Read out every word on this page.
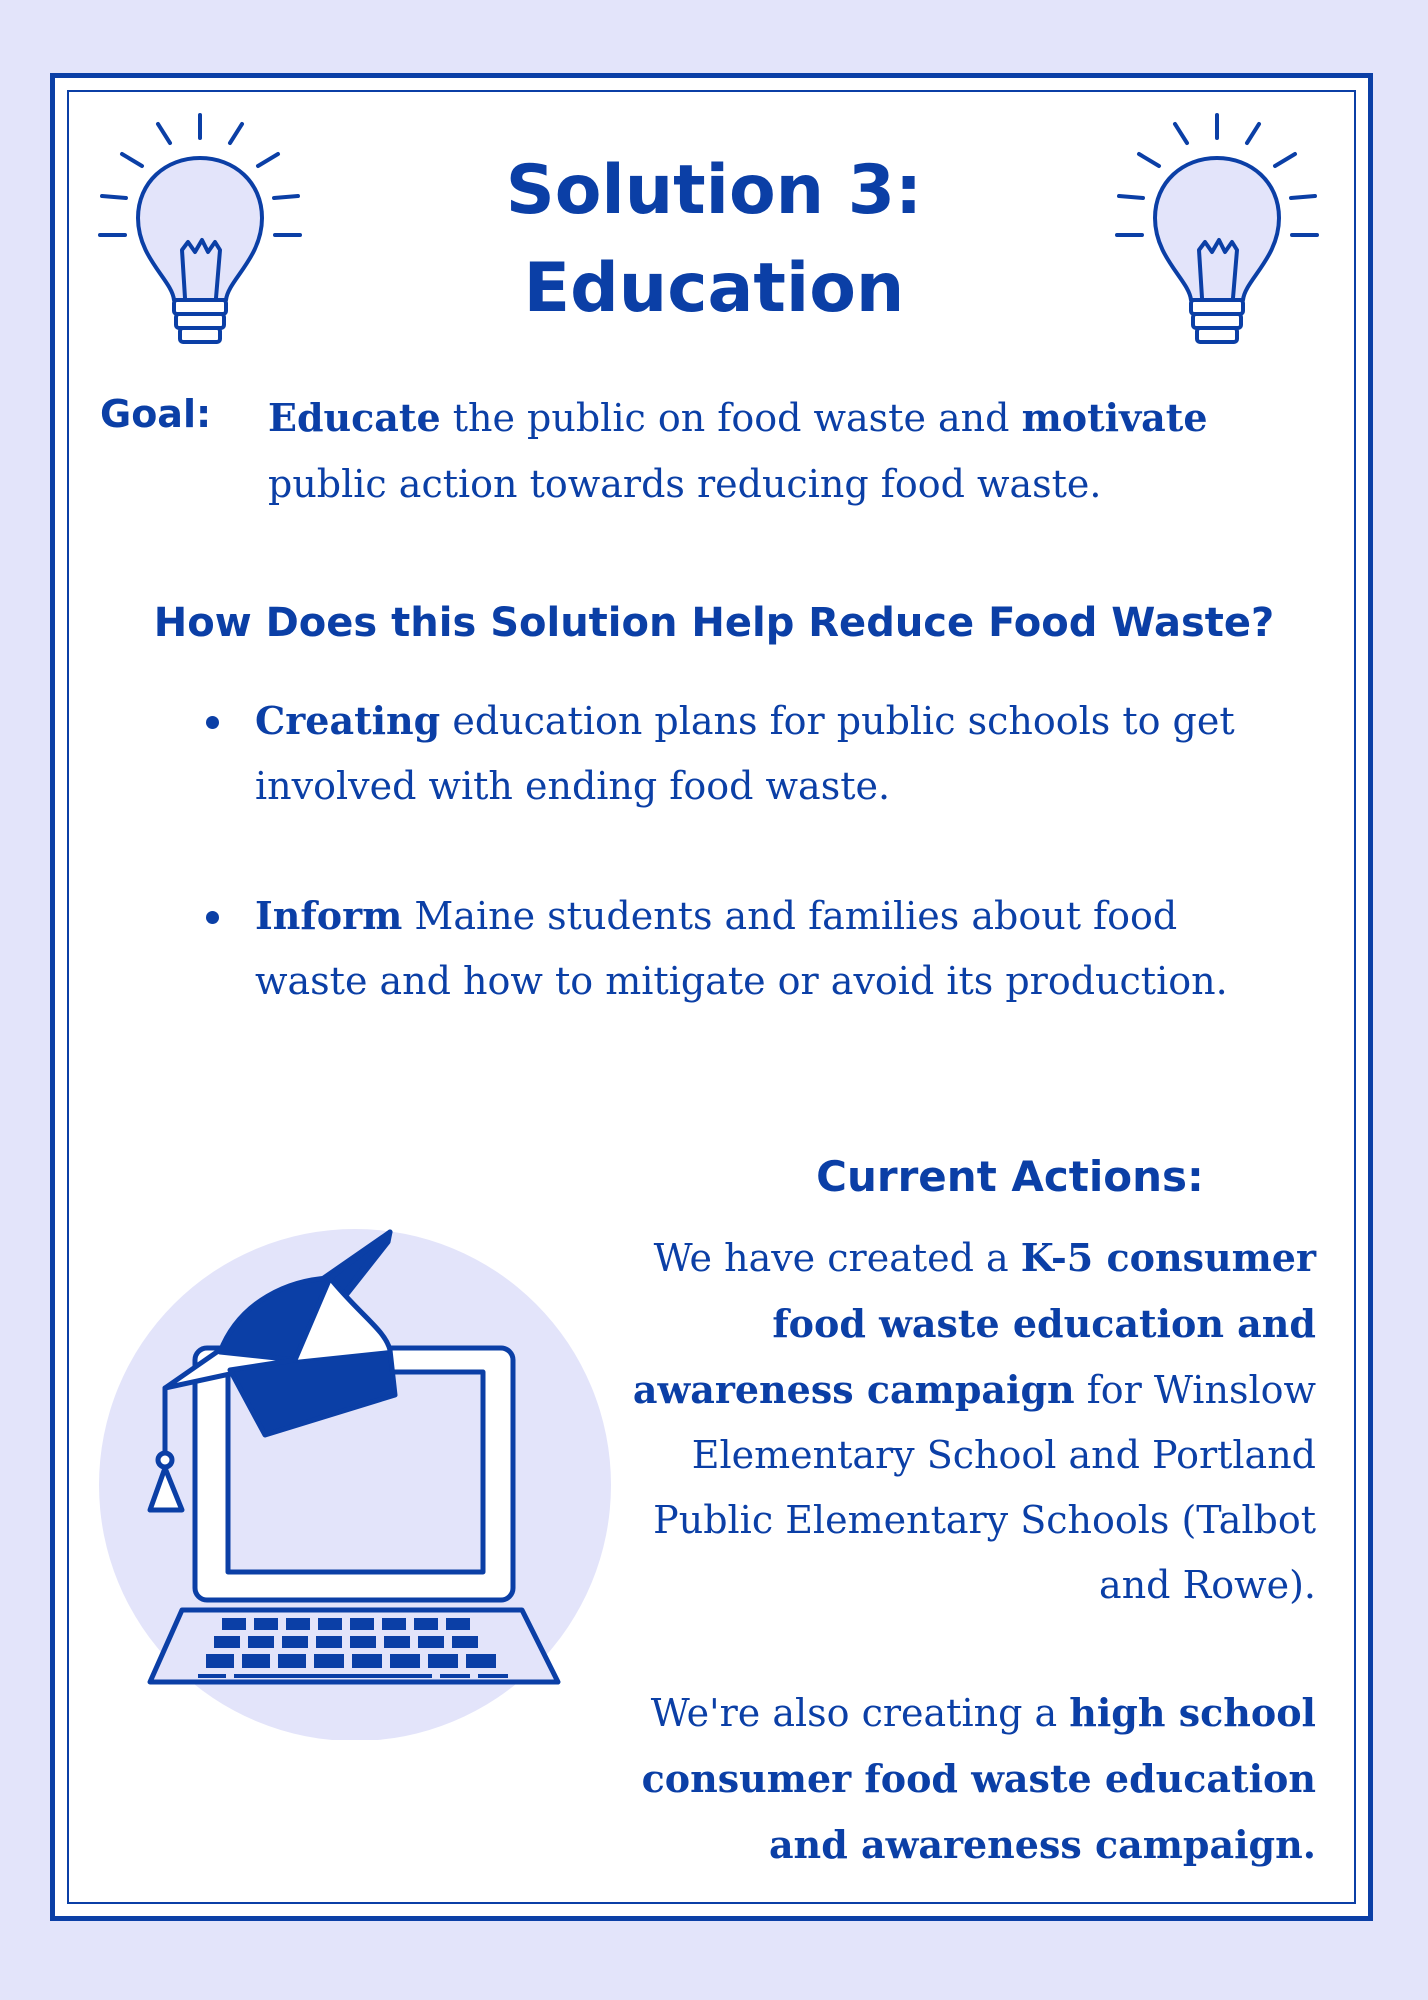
Solution 3:
Education
Goal: Educate the public on food waste and motivate public action towards reducing food waste.
How Does this Solution Help Reduce Food Waste?
Creating education plans for public schools to get involved with ending food waste.
Inform Maine students and families about food waste and how to mitigate or avoid its production.
Current Actions:
We have created a K-5 consumer food waste education and awareness campaign for Winslow Elementary School and Portland Public Elementary Schools (Talbot and Rowe).
We're also creating a high school consumer food waste education and awareness campaign.
